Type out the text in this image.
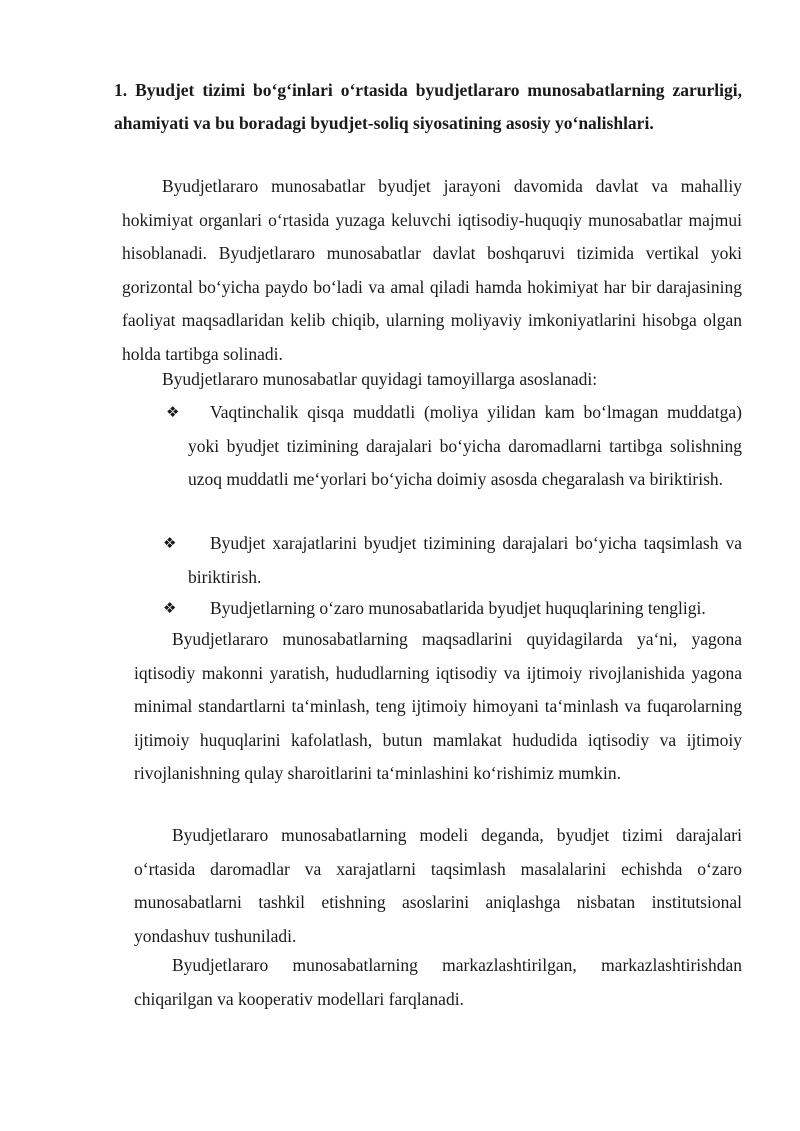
1. Byudjet tizimi bo‘g‘inlari o‘rtasida byudjetlararo munosabatlarning zarurligi, ahamiyati va bu boradagi byudjet-soliq siyosatining asosiy yo‘nalishlari.
Byudjetlararo munosabatlar byudjet jarayoni davomida davlat va mahalliy hokimiyat organlari o‘rtasida yuzaga keluvchi iqtisodiy-huquqiy munosabatlar majmui hisoblanadi. Byudjetlararo munosabatlar davlat boshqaruvi tizimida vertikal yoki gorizontal bo‘yicha paydo bo‘ladi va amal qiladi hamda hokimiyat har bir darajasining faoliyat maqsadlaridan kelib chiqib, ularning moliyaviy imkoniyatlarini hisobga olgan holda tartibga solinadi.
Byudjetlararo munosabatlar quyidagi tamoyillarga asoslanadi:
❖	Vaqtinchalik qisqa muddatli (moliya yilidan kam bo‘lmagan muddatga) yoki byudjet tizimining darajalari bo‘yicha daromadlarni tartibga solishning uzoq muddatli me‘yorlari bo‘yicha doimiy asosda chegaralash va biriktirish.
❖	Byudjet xarajatlarini byudjet tizimining darajalari bo‘yicha taqsimlash va biriktirish.
❖	Byudjetlarning o‘zaro munosabatlarida byudjet huquqlarining tengligi.
Byudjetlararo munosabatlarning maqsadlarini quyidagilarda ya‘ni, yagona iqtisodiy makonni yaratish, hududlarning iqtisodiy va ijtimoiy rivojlanishida yagona minimal standartlarni ta‘minlash, teng ijtimoiy himoyani ta‘minlash va fuqarolarning ijtimoiy huquqlarini kafolatlash, butun mamlakat hududida iqtisodiy va ijtimoiy rivojlanishning qulay sharoitlarini ta‘minlashini ko‘rishimiz mumkin.
Byudjetlararo munosabatlarning modeli deganda, byudjet tizimi darajalari o‘rtasida daromadlar va xarajatlarni taqsimlash masalalarini echishda o‘zaro munosabatlarni tashkil etishning asoslarini aniqlashga nisbatan institutsional yondashuv tushuniladi.
Byudjetlararo munosabatlarning markazlashtirilgan, markazlashtirishdan chiqarilgan va kooperativ modellari farqlanadi.
